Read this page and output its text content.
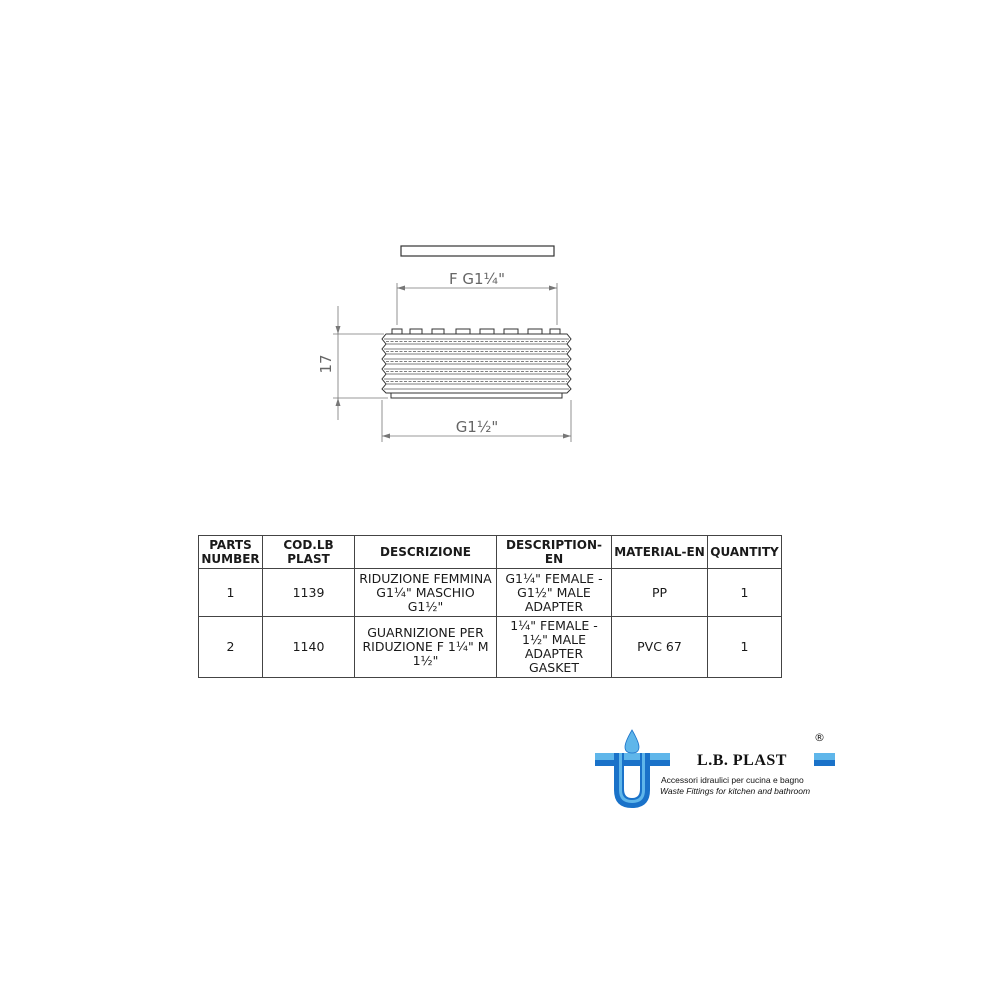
F G1¼"
17
G1½"
PARTS
NUMBER	COD.LB PLAST	DESCRIZIONE	DESCRIPTION-EN	MATERIAL-EN	QUANTITY

1	1139	RIDUZIONE FEMMINA
G1¼" MASCHIO
G1½"	G1¼" FEMALE -
G1½" MALE
ADAPTER	PP	1

2	1140	GUARNIZIONE PER
RIDUZIONE F 1¼" M
1½"	1¼" FEMALE -
1½" MALE
ADAPTER
GASKET	PVC 67	1
L.B. PLAST
®
Accessori idraulici per cucina e bagno
Waste Fittings for kitchen and bathroom
